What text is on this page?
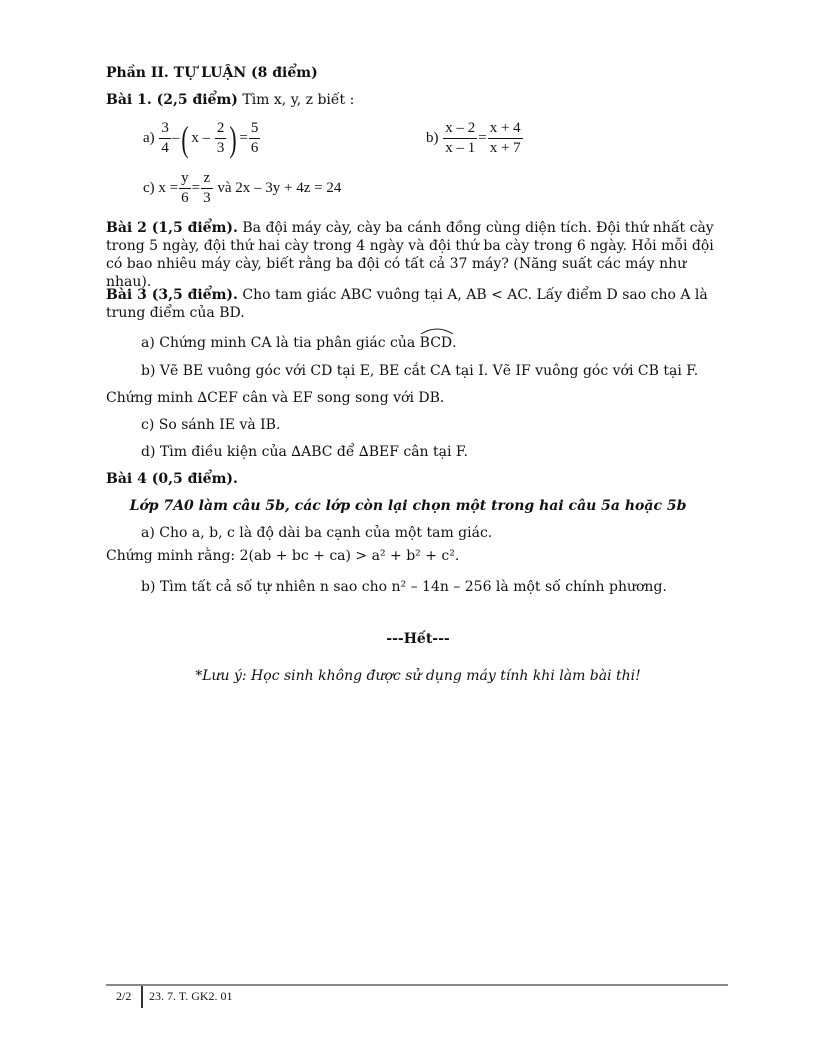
Phần II. TỰ LUẬN (8 điểm)
Bài 1. (2,5 điểm) Tìm x, y, z biết :
$a) \frac{3}{4}$ –( x – $\frac{2}{3}$ ) = $\frac{5}{6}$	$b) \frac{x - 2}{x - 1} = \frac{x + 4}{x + 7}$
c) $x = \frac{y}{6} = \frac{z}{3}$ và 2x – 3y + 4z = 24
Bài 2 (1,5 điểm). Ba đội máy cày, cày ba cánh đồng cùng diện tích. Đội thứ nhất cày trong 5 ngày, đội thứ hai cày trong 4 ngày và đội thứ ba cày trong 6 ngày. Hỏi mỗi đội có bao nhiêu máy cày, biết rằng ba đội có tất cả 37 máy? (Năng suất các máy như nhau).
Bài 3 (3,5 điểm). Cho tam giác ABC vuông tại A, AB < AC. Lấy điểm D sao cho A là trung điểm của BD.
a) Chứng minh CA là tia phân giác của BCD.
b) Vẽ BE vuông góc với CD tại E, BE cắt CA tại I. Vẽ IF vuông góc với CB tại F.
Chứng minh ∆CEF cân và EF song song với DB.
c) So sánh IE và IB.
d) Tìm điều kiện của ∆ABC để ∆BEF cân tại F.
Bài 4 (0,5 điểm).
Lớp 7A0 làm câu 5b, các lớp còn lại chọn một trong hai câu 5a hoặc 5b
a) Cho a, b, c là độ dài ba cạnh của một tam giác.
Chứng minh rằng: 2(ab + bc + ca) > a² + b² + c².
b) Tìm tất cả số tự nhiên n sao cho n² – 14n – 256 là một số chính phương.
---Hết---
*Lưu ý: Học sinh không được sử dụng máy tính khi làm bài thi!
2/2 23. 7. T. GK2. 01
